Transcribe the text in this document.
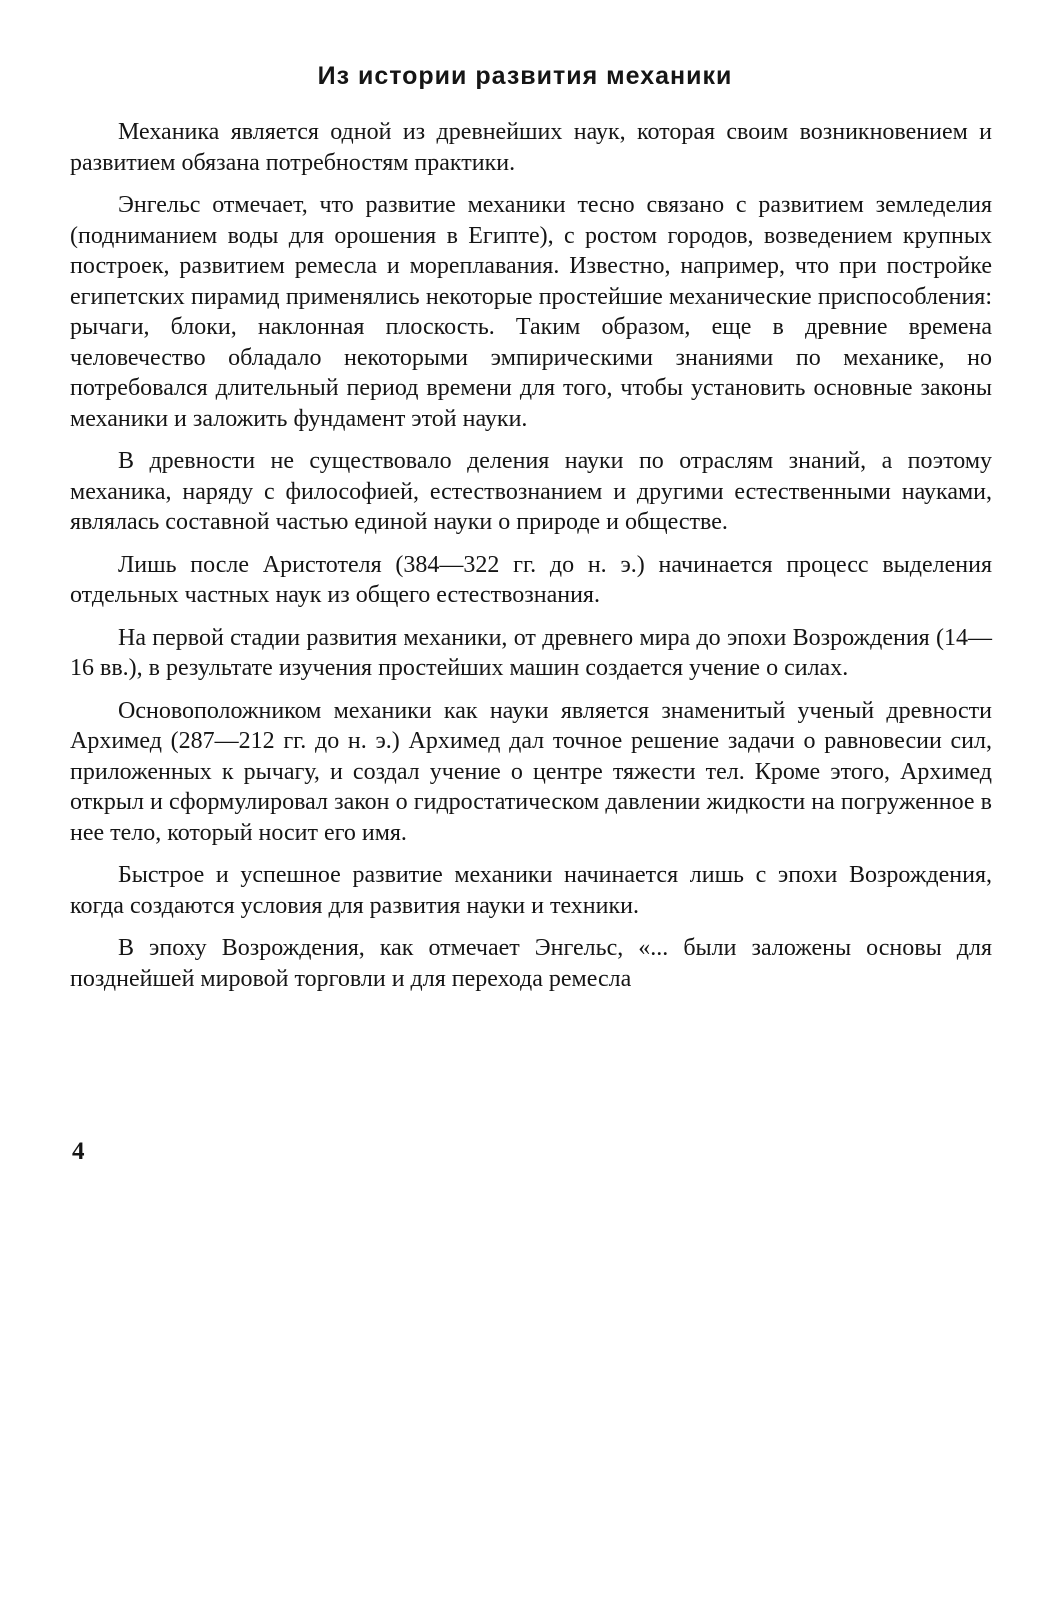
Из истории развития механики

Механика является одной из древнейших наук, которая своим возникновением и развитием обязана потребностям практики.

Энгельс отмечает, что развитие механики тесно связано с развитием земледелия (подниманием воды для орошения в Египте), с ростом городов, возведением крупных построек, развитием ремесла и мореплавания. Известно, например, что при постройке египетских пирамид применялись некоторые простейшие механические приспособления: рычаги, блоки, наклонная плоскость. Таким образом, еще в древние времена человечество обладало некоторыми эмпирическими знаниями по механике, но потребовался длительный период времени для того, чтобы установить основные законы механики и заложить фундамент этой науки.

В древности не существовало деления науки по отраслям знаний, а поэтому механика, наряду с философией, естествознанием и другими естественными науками, являлась составной частью единой науки о природе и обществе.

Лишь после Аристотеля (384—322 гг. до н. э.) начинается процесс выделения отдельных частных наук из общего естествознания.

На первой стадии развития механики, от древнего мира до эпохи Возрождения (14—16 вв.), в результате изучения простейших машин создается учение о силах.

Основоположником механики как науки является знаменитый ученый древности Архимед (287—212 гг. до н. э.) Архимед дал точное решение задачи о равновесии сил, приложенных к рычагу, и создал учение о центре тяжести тел. Кроме этого, Архимед открыл и сформулировал закон о гидростатическом давлении жидкости на погруженное в нее тело, который носит его имя.

Быстрое и успешное развитие механики начинается лишь с эпохи Возрождения, когда создаются условия для развития науки и техники.

В эпоху Возрождения, как отмечает Энгельс, «... были заложены основы для позднейшей мировой торговли и для перехода ремесла

4
